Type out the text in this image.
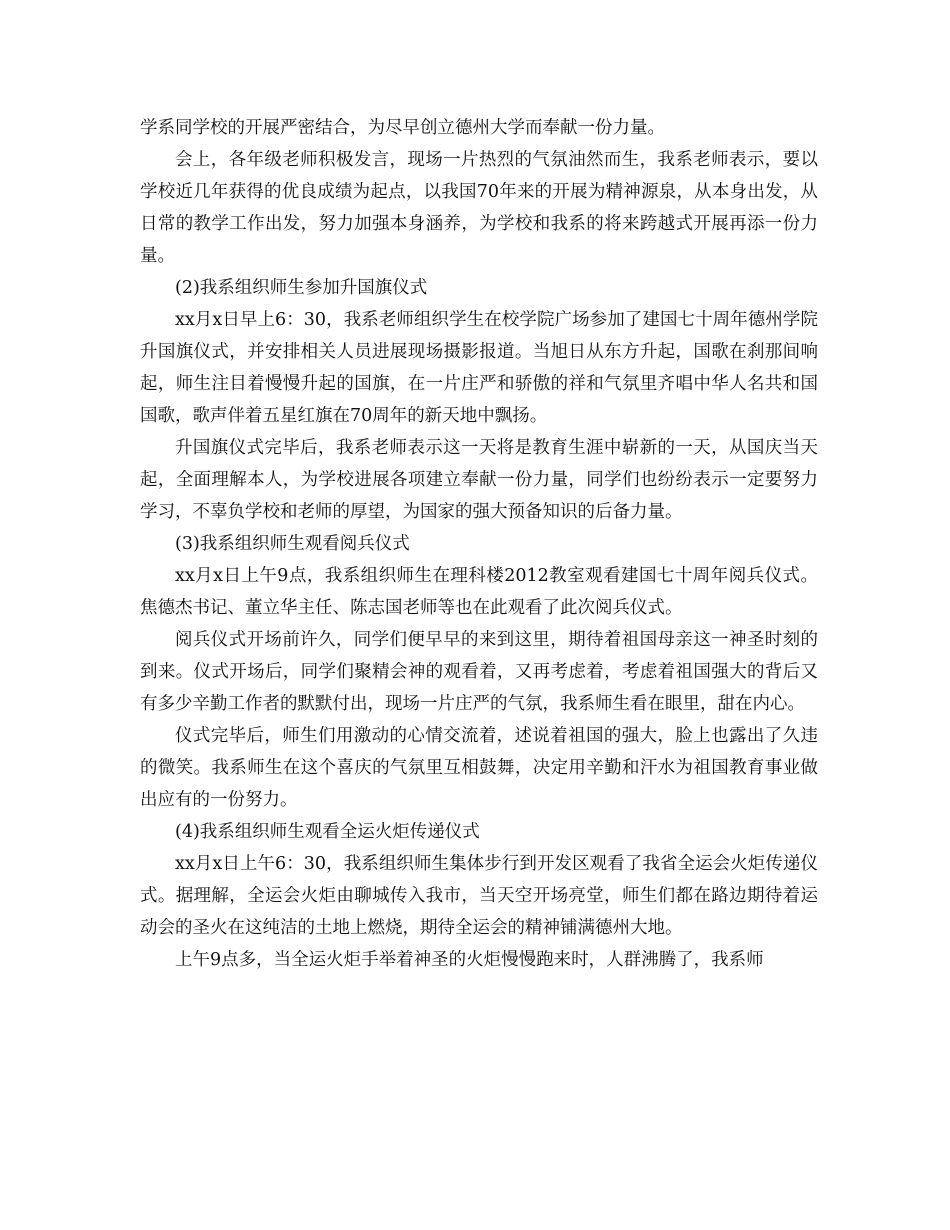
学系同学校的开展严密结合，为尽早创立德州大学而奉献一份力量。

会上，各年级老师积极发言，现场一片热烈的气氛油然而生，我系老师表示，要以学校近几年获得的优良成绩为起点，以我国70年来的开展为精神源泉，从本身出发，从日常的教学工作出发，努力加强本身涵养，为学校和我系的将来跨越式开展再添一份力量。

(2)我系组织师生参加升国旗仪式

xx月x日早上6：30，我系老师组织学生在校学院广场参加了建国七十周年德州学院升国旗仪式，并安排相关人员进展现场摄影报道。当旭日从东方升起，国歌在刹那间响起，师生注目着慢慢升起的国旗，在一片庄严和骄傲的祥和气氛里齐唱中华人名共和国国歌，歌声伴着五星红旗在70周年的新天地中飘扬。

升国旗仪式完毕后，我系老师表示这一天将是教育生涯中崭新的一天，从国庆当天起，全面理解本人，为学校进展各项建立奉献一份力量，同学们也纷纷表示一定要努力学习，不辜负学校和老师的厚望，为国家的强大预备知识的后备力量。

(3)我系组织师生观看阅兵仪式

xx月x日上午9点，我系组织师生在理科楼2012教室观看建国七十周年阅兵仪式。焦德杰书记、董立华主任、陈志国老师等也在此观看了此次阅兵仪式。

阅兵仪式开场前许久，同学们便早早的来到这里，期待着祖国母亲这一神圣时刻的到来。仪式开场后，同学们聚精会神的观看着，又再考虑着，考虑着祖国强大的背后又有多少辛勤工作者的默默付出，现场一片庄严的气氛，我系师生看在眼里，甜在内心。

仪式完毕后，师生们用激动的心情交流着，述说着祖国的强大，脸上也露出了久违的微笑。我系师生在这个喜庆的气氛里互相鼓舞，决定用辛勤和汗水为祖国教育事业做出应有的一份努力。

(4)我系组织师生观看全运火炬传递仪式

xx月x日上午6：30，我系组织师生集体步行到开发区观看了我省全运会火炬传递仪式。据理解，全运会火炬由聊城传入我市，当天空开场亮堂，师生们都在路边期待着运动会的圣火在这纯洁的土地上燃烧，期待全运会的精神铺满德州大地。

上午9点多，当全运火炬手举着神圣的火炬慢慢跑来时，人群沸腾了，我系师
